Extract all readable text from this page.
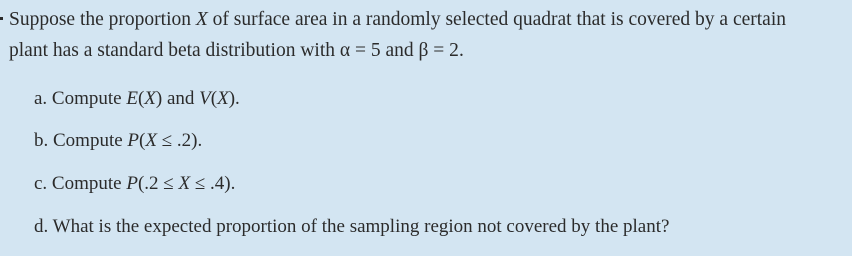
Suppose the proportion X of surface area in a randomly selected quadrat that is covered by a certain

plant has a standard beta distribution with α = 5 and β = 2.

a. Compute E(X) and V(X).
b. Compute P(X ≤ .2).
c. Compute P(.2 ≤ X ≤ .4).
d. What is the expected proportion of the sampling region not covered by the plant?
